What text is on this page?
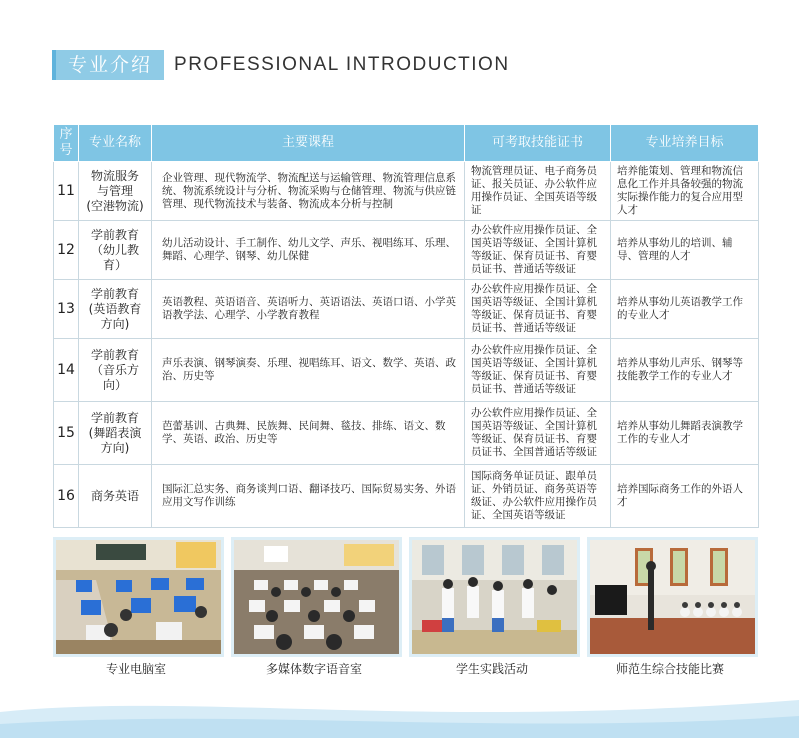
专业介绍	PROFESSIONAL INTRODUCTION
序
号	专业名称	主要课程	可考取技能证书	专业培养目标
11	物流服务
与管理
(空港物流)	企业管理、现代物流学、物流配送与运输管理、物流管理信息系统、物流系统设计与分析、物流采购与仓储管理、物流与供应链管理、现代物流技术与装备、物流成本分析与控制	物流管理员证、电子商务员证、报关员证、办公软件应用操作员证、全国英语等级证	培养能策划、管理和物流信息化工作并具备较强的物流实际操作能力的复合应用型人才
12	学前教育
（幼儿教育）	幼儿活动设计、手工制作、幼儿文学、声乐、视唱练耳、乐理、舞蹈、心理学、钢琴、幼儿保健	办公软件应用操作员证、全国英语等级证、全国计算机等级证、保育员证书、育婴员证书、普通话等级证	培养从事幼儿的培训、辅导、管理的人才
13	学前教育
(英语教育
方向)	英语教程、英语语音、英语听力、英语语法、英语口语、小学英语教学法、心理学、小学教育教程	办公软件应用操作员证、全国英语等级证、全国计算机等级证、保育员证书、育婴员证书、普通话等级证	培养从事幼儿英语教学工作的专业人才
14	学前教育
（音乐方向）	声乐表演、钢琴演奏、乐理、视唱练耳、语文、数学、英语、政治、历史等	办公软件应用操作员证、全国英语等级证、全国计算机等级证、保育员证书、育婴员证书、普通话等级证	培养从事幼儿声乐、钢琴等技能教学工作的专业人才
15	学前教育
(舞蹈表演
方向)	芭蕾基训、古典舞、民族舞、民间舞、毯技、排练、语文、数学、英语、政治、历史等	办公软件应用操作员证、全国英语等级证、全国计算机等级证、保育员证书、育婴员证书、全国普通话等级证	培养从事幼儿舞蹈表演教学工作的专业人才
16	商务英语	国际汇总实务、商务谈判口语、翻译技巧、国际贸易实务、外语应用文写作训练	国际商务单证员证、跟单员证、外销员证、商务英语等级证、办公软件应用操作员证、全国英语等级证	培养国际商务工作的外语人才
专业电脑室	多媒体数字语音室	学生实践活动	师范生综合技能比赛
